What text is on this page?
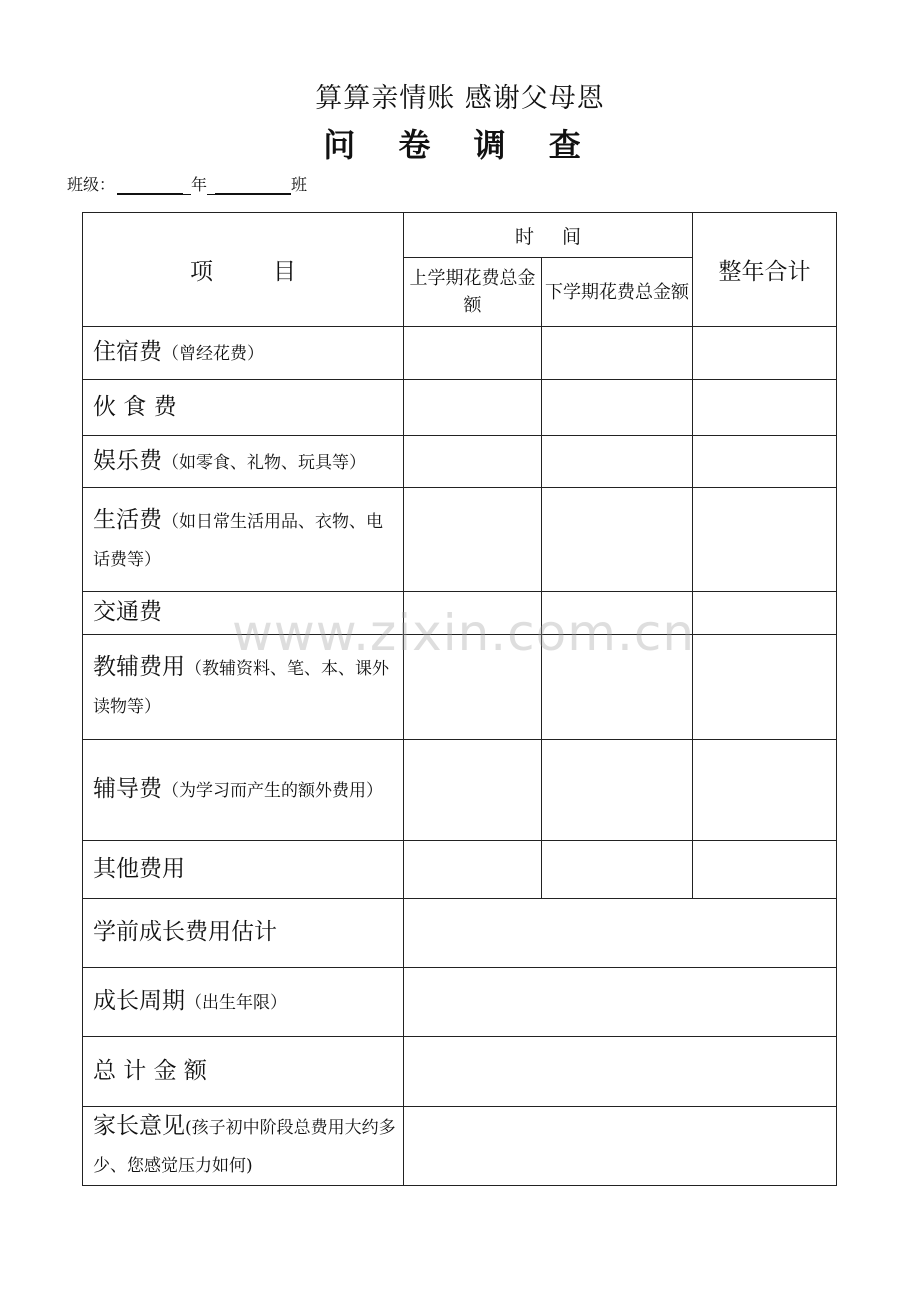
算算亲情账 感谢父母恩
问 卷 调 查
班级：	年	班
项 目	时 间		整年合计
	上学期花费总金额	下学期花费总金额	
住宿费（曾经花费）			
伙 食 费			
娱乐费（如零食、礼物、玩具等）			
生活费（如日常生活用品、衣物、电话费等）			
交通费			
教辅费用（教辅资料、笔、本、课外读物等）			
辅导费（为学习而产生的额外费用）			
其他费用			
学前成长费用估计			
成长周期（出生年限）			
总 计 金 额			
家长意见(孩子初中阶段总费用大约多少、您感觉压力如何)			
www.zixin.com.cn
